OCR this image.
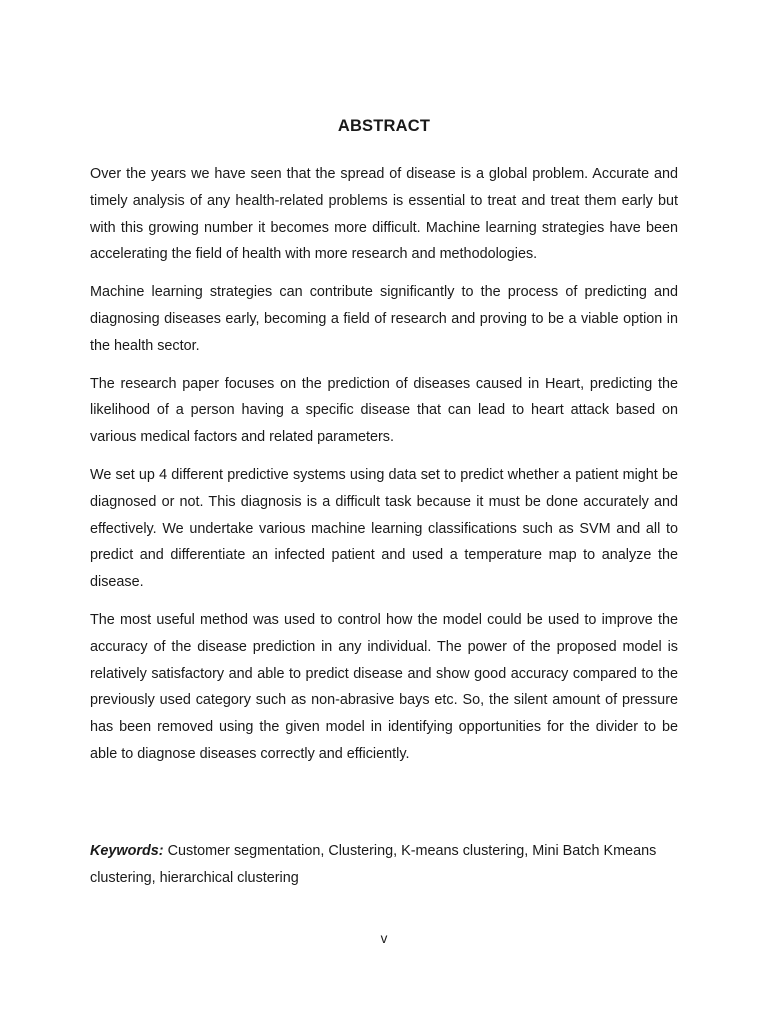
ABSTRACT

Over the years we have seen that the spread of disease is a global problem. Accurate and timely analysis of any health-related problems is essential to treat and treat them early but with this growing number it becomes more difficult. Machine learning strategies have been accelerating the field of health with more research and methodologies.

Machine learning strategies can contribute significantly to the process of predicting and diagnosing diseases early, becoming a field of research and proving to be a viable option in the health sector.

The research paper focuses on the prediction of diseases caused in Heart, predicting the likelihood of a person having a specific disease that can lead to heart attack based on various medical factors and related parameters.

We set up 4 different predictive systems using data set to predict whether a patient might be diagnosed or not. This diagnosis is a difficult task because it must be done accurately and effectively. We undertake various machine learning classifications such as SVM and all to predict and differentiate an infected patient and used a temperature map to analyze the disease.

The most useful method was used to control how the model could be used to improve the accuracy of the disease prediction in any individual. The power of the proposed model is relatively satisfactory and able to predict disease and show good accuracy compared to the previously used category such as non-abrasive bays etc. So, the silent amount of pressure has been removed using the given model in identifying opportunities for the divider to be able to diagnose diseases correctly and efficiently.

Keywords: Customer segmentation, Clustering, K-means clustering, Mini Batch Kmeans clustering, hierarchical clustering

v
